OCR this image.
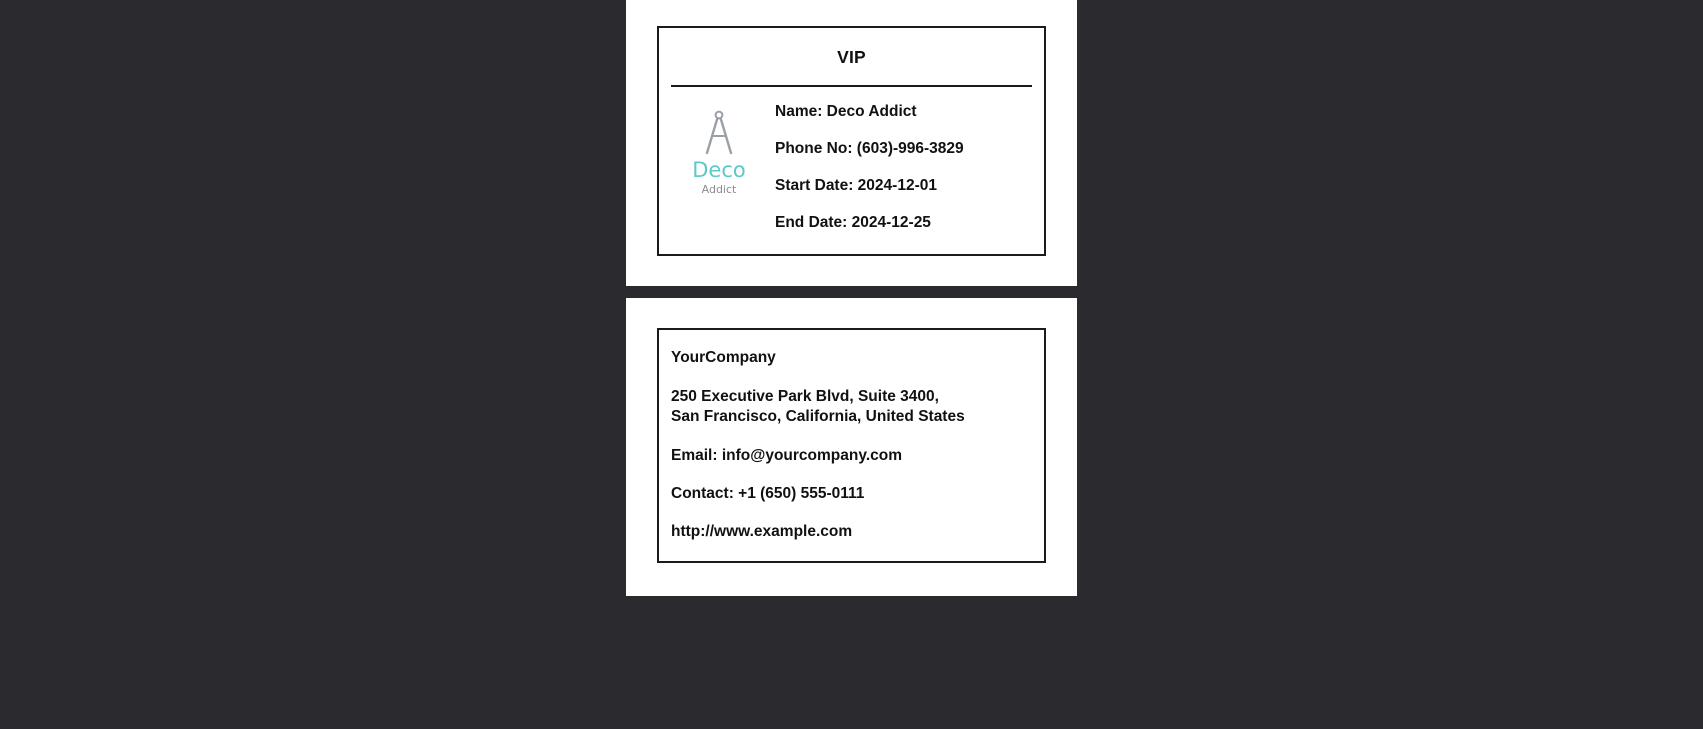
VIP
Deco
Addict

Name: Deco Addict

Phone No: (603)-996-3829

Start Date: 2024-12-01

End Date: 2024-12-25

YourCompany

250 Executive Park Blvd, Suite 3400,
San Francisco, California, United States

Email: info@yourcompany.com

Contact: +1 (650) 555-0111

http://www.example.com
